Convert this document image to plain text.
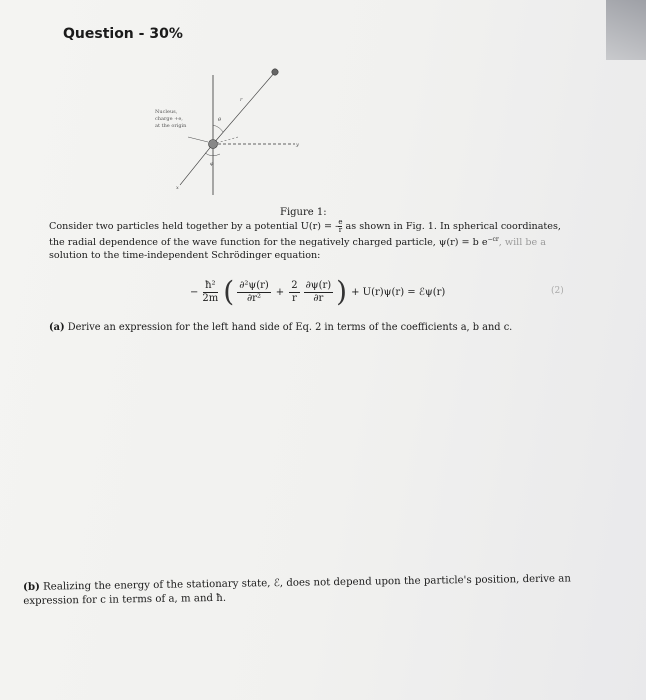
Question - 30%
Nucleus,
charge +e,
at the origin
r
θ
φ
x
y
Figure 1:
Consider two particles held together by a potential U(r) = - $\frac{e}{r}$ as shown in Fig. 1. In spherical coordinates,
the radial dependence of the wave function for the negatively charged particle, ψ(r) = b $e^{-cr}$, will be a
solution to the time-independent Schrödinger equation:
− $\frac{\text{ħ²}}{2m}$ ( $\frac{\text{∂²ψ(r)}}{\text{∂r²}} + \frac{2}{r} \frac{\partial\psi(r)}{\partial r}$ ) + U(r)ψ(r) = ℰψ(r)	(2)
(a) Derive an expression for the left hand side of Eq. 2 in terms of the coefficients a, b and c.
(b) Realizing the energy of the stationary state, ℰ, does not depend upon the particle's position, derive an
expression for c in terms of a, m and ħ.
